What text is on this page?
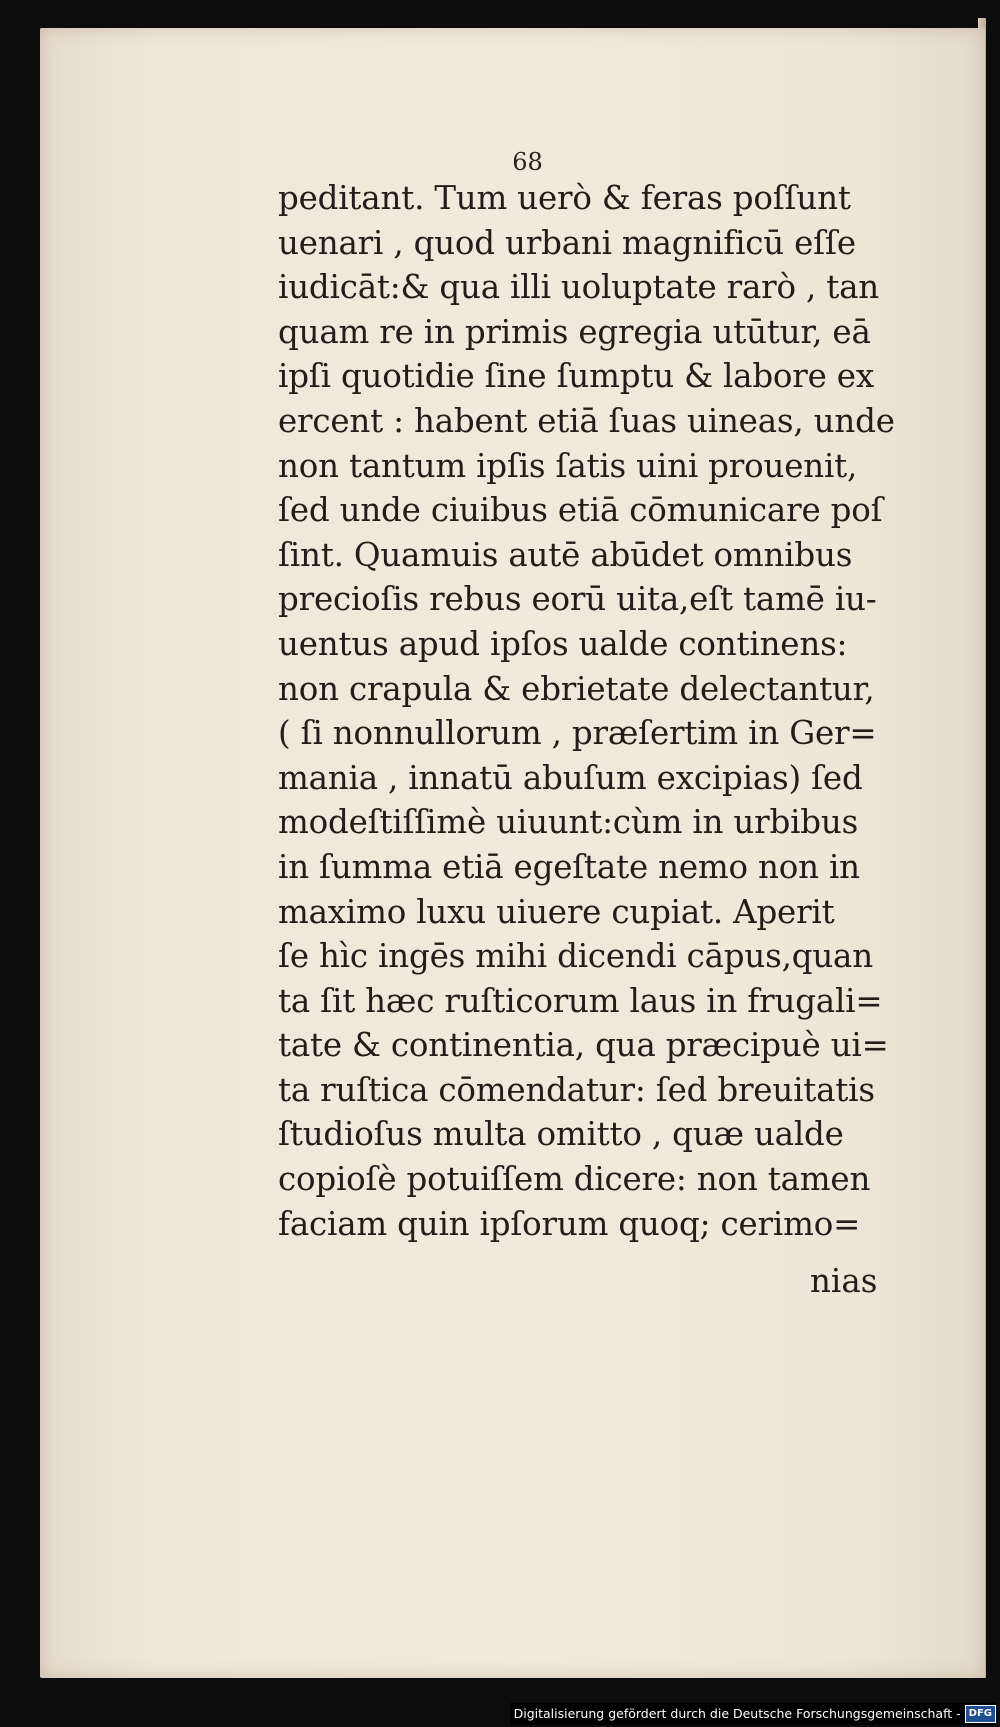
68
peditant. Tum uerò & feras poſſunt
uenari , quod urbani magnificū eſſe
iudicāt:& qua illi uoluptate rarò , tan
quam re in primis egregia utūtur, eā
ipſi quotidie ſine ſumptu & labore ex
ercent : habent etiā ſuas uineas, unde
non tantum ipſis ſatis uini prouenit,
ſed unde ciuibus etiā cōmunicare poſ
ſint. Quamuis autē abūdet omnibus
precioſis rebus eorū uita,eſt tamē iu-
uentus apud ipſos ualde continens:
non crapula & ebrietate delectantur,
( ſi nonnullorum , præſertim in Ger=
mania , innatū abuſum excipias) ſed
modeſtiſſimè uiuunt:cùm in urbibus
in ſumma etiā egeſtate nemo non in
maximo luxu uiuere cupiat. Aperit
ſe hìc ingēs mihi dicendi cāpus,quan
ta ſit hæc ruſticorum laus in frugali=
tate & continentia, qua præcipuè ui=
ta ruſtica cōmendatur: ſed breuitatis
ſtudioſus multa omitto , quæ ualde
copioſè potuiſſem dicere: non tamen
faciam quin ipſorum quoq; cerimo=
nias
Digitalisierung gefördert durch die Deutsche Forschungsgemeinschaft - DFG
